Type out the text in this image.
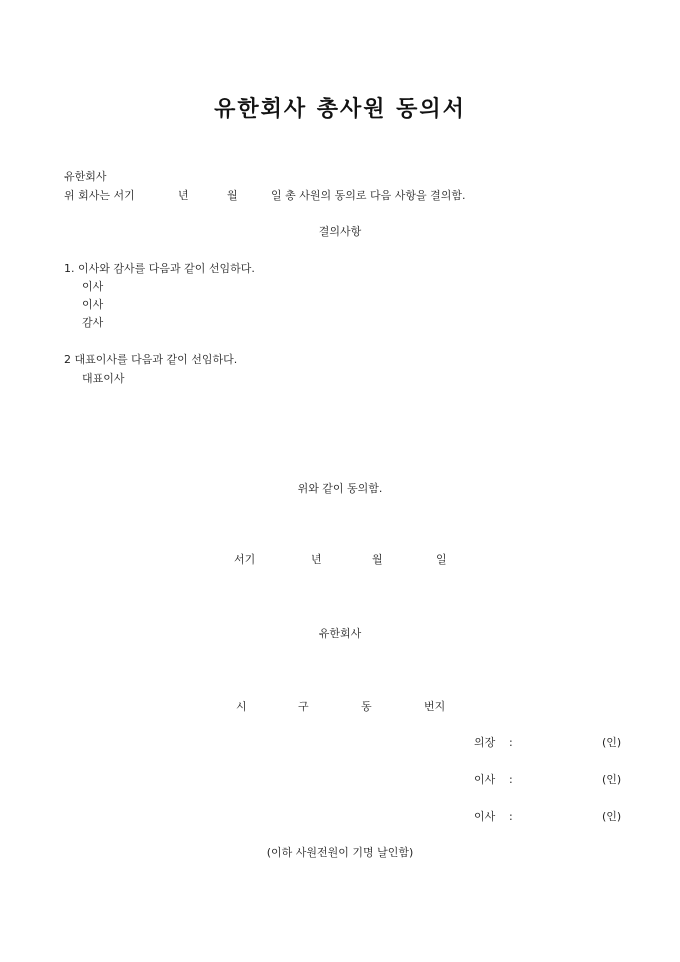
유한회사 총사원 동의서
유한회사
위 회사는 서기	년	월	일 총 사원의 동의로 다음 사항을 결의함.
결의사항
1. 이사와 감사를 다음과 같이 선임하다.
이사
이사
감사
2 대표이사를 다음과 같이 선임하다.
대표이사
위와 같이 동의함.
서기	년	월	일
유한회사
시	구	동	번지
의장 :	(인)
이사 :	(인)
이사 :	(인)
(이하 사원전원이 기명 날인함)
